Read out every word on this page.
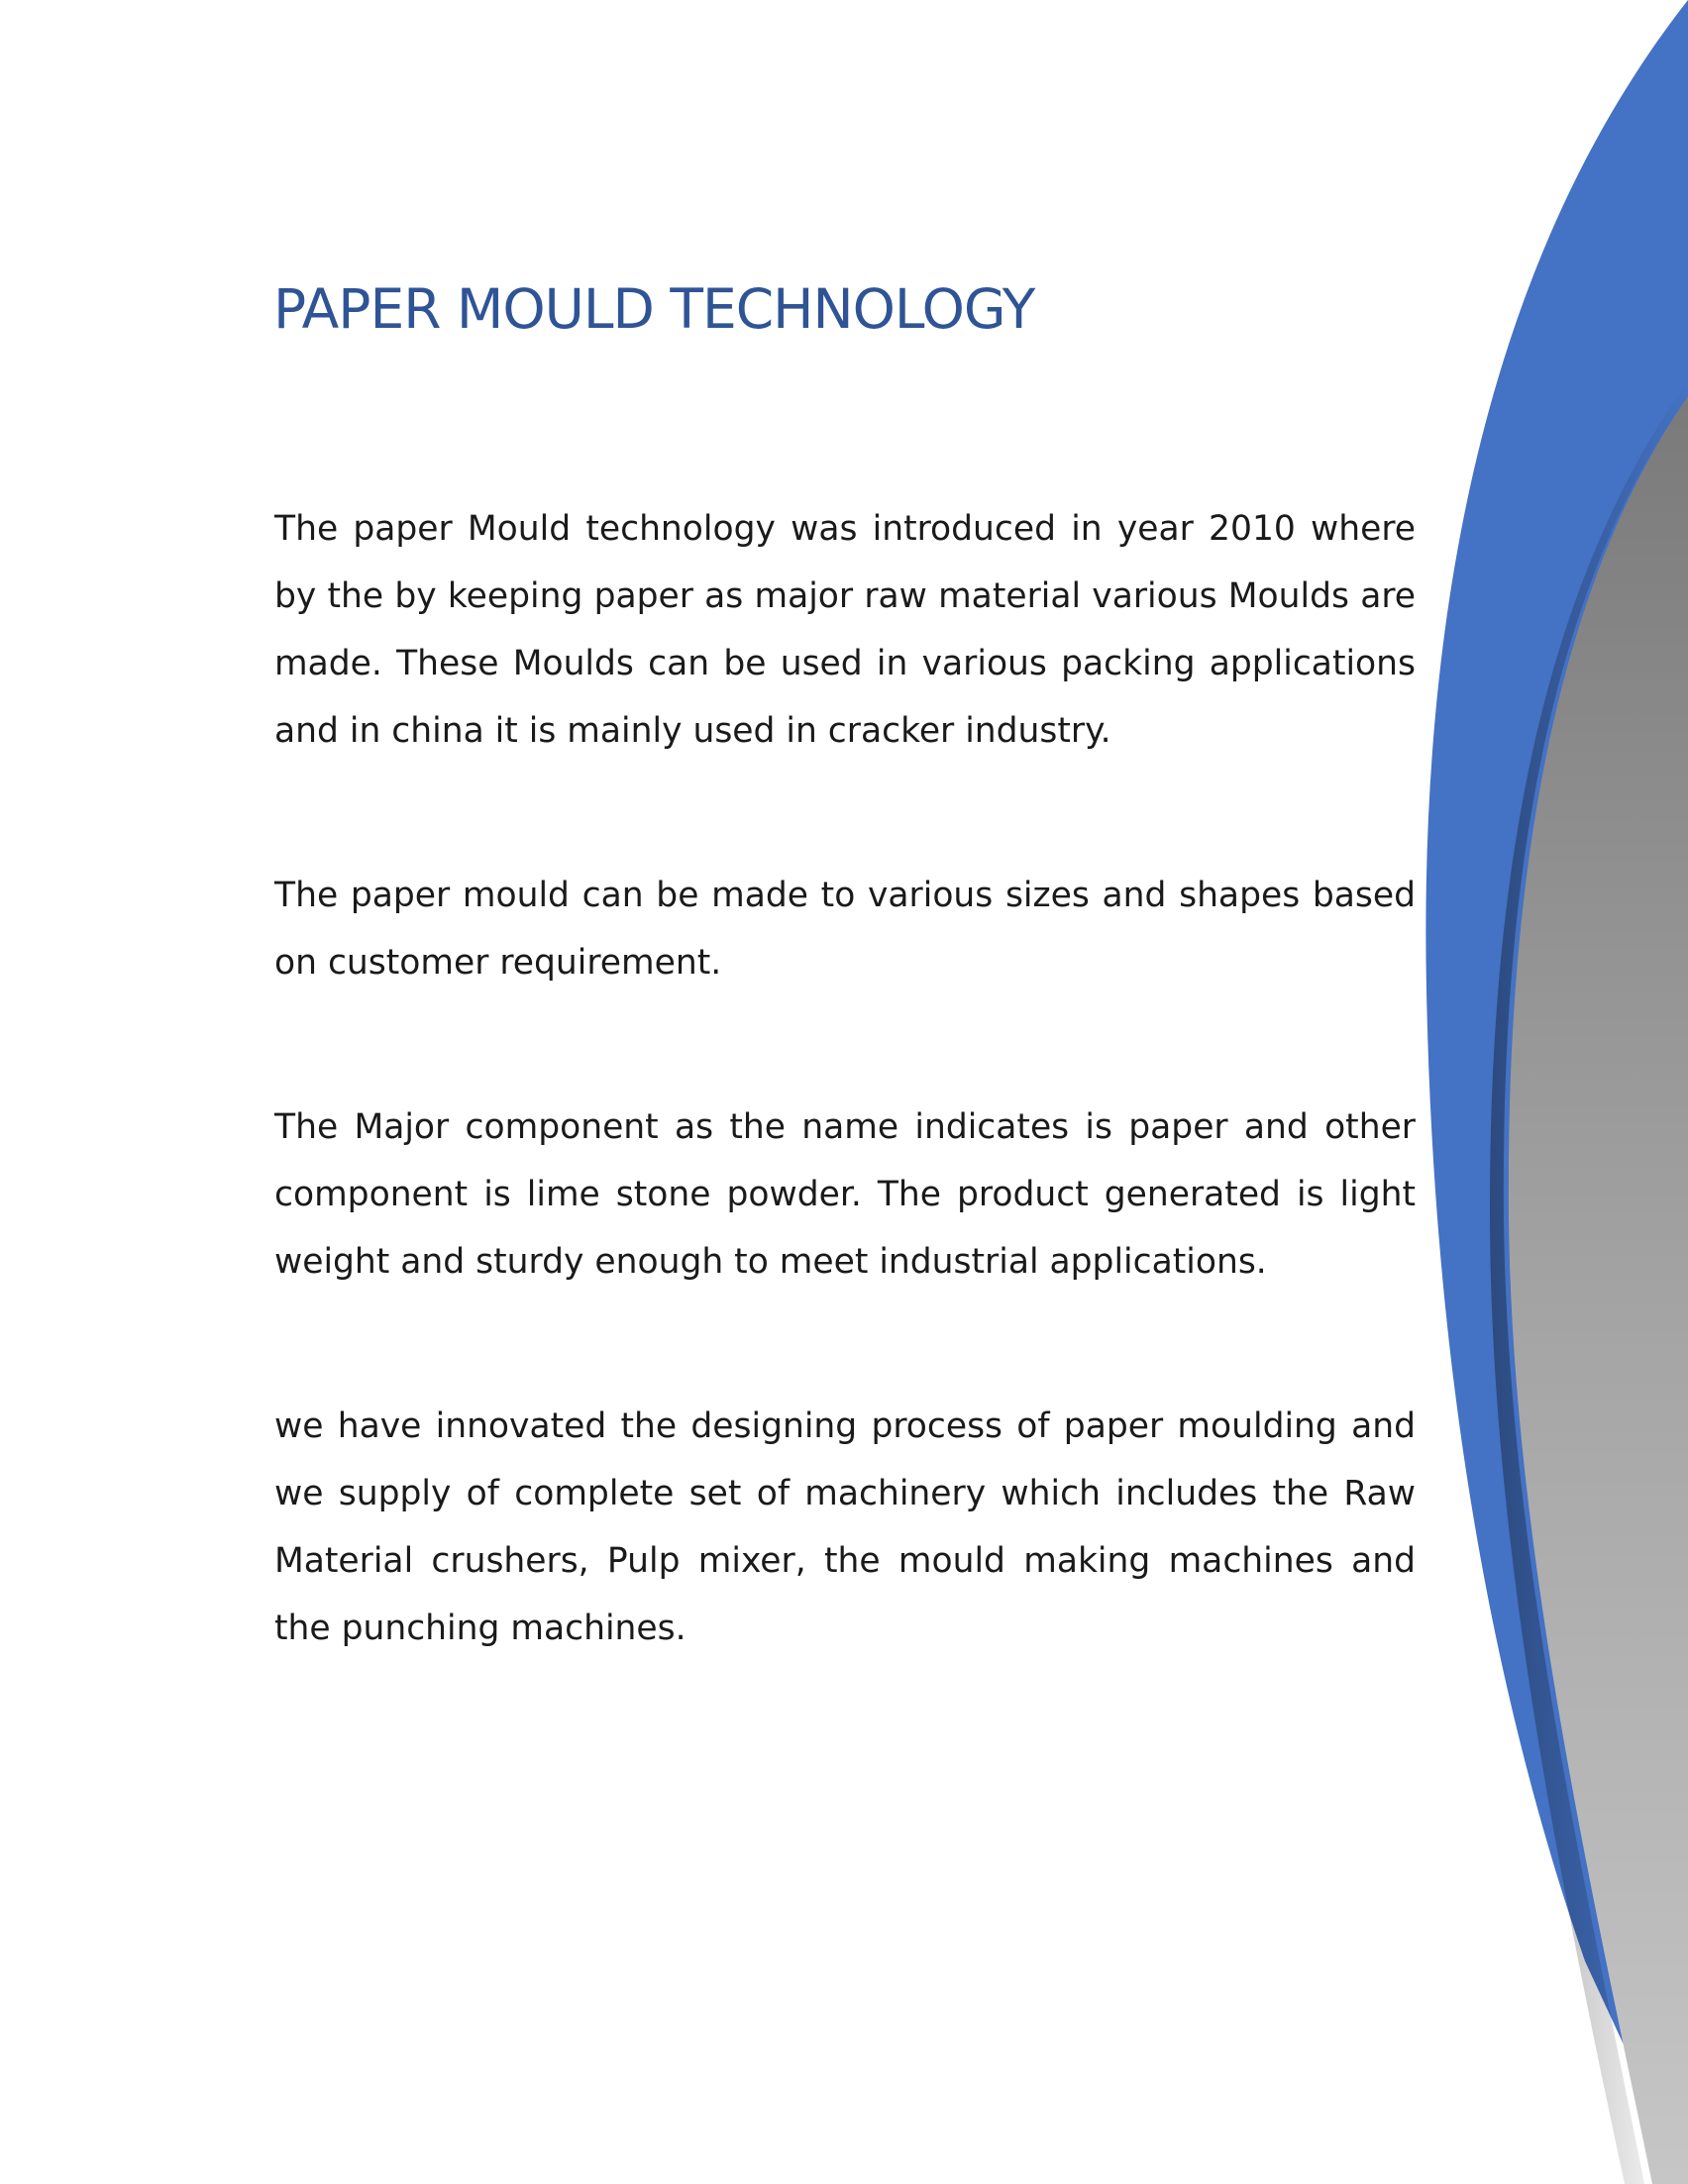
PAPER MOULD TECHNOLOGY

The paper Mould technology was introduced in year 2010 where by the by keeping paper as major raw material various Moulds are made. These Moulds can be used in various packing applications and in china it is mainly used in cracker industry.

The paper mould can be made to various sizes and shapes based on customer requirement.

The Major component as the name indicates is paper and other component is lime stone powder. The product generated is light weight and sturdy enough to meet industrial applications.

we have innovated the designing process of paper moulding and we supply of complete set of machinery which includes the Raw Material crushers, Pulp mixer, the mould making machines and the punching machines.
